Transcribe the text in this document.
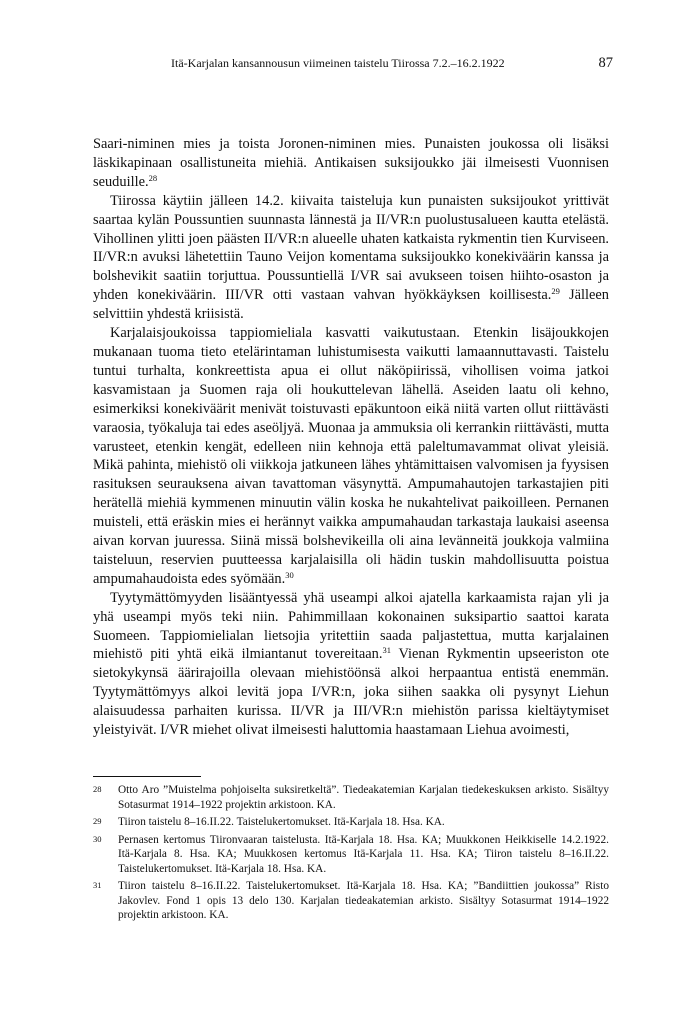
Itä-Karjalan kansannousun viimeinen taistelu Tiirossa 7.2.–16.2.1922	87

Saari-niminen mies ja toista Joronen-niminen mies. Punaisten joukossa oli lisäksi läskikapinaan osallistuneita miehiä. Antikaisen suksijoukko jäi ilmeisesti Vuonnisen seuduille.$^{28}$

Tiirossa käytiin jälleen 14.2. kiivaita taisteluja kun punaisten suksijoukot yrittivät saartaa kylän Poussuntien suunnasta lännestä ja II/VR:n puolustusalueen kautta etelästä. Vihollinen ylitti joen päästen II/VR:n alueelle uhaten katkaista rykmentin tien Kurviseen. II/VR:n avuksi lähetettiin Tauno Veijon komentama suksijoukko konekiväärin kanssa ja bolshevikit saatiin torjuttua. Poussuntiellä I/VR sai avukseen toisen hiihto-osaston ja yhden konekiväärin. III/VR otti vastaan vahvan hyökkäyksen koillisesta.$^{29}$ Jälleen selvittiin yhdestä kriisistä.

Karjalaisjoukoissa tappiomieliala kasvatti vaikutustaan. Etenkin lisäjoukkojen mukanaan tuoma tieto etelärintaman luhistumisesta vaikutti lamaannuttavasti. Taistelu tuntui turhalta, konkreettista apua ei ollut näköpiirissä, vihollisen voima jatkoi kasvamistaan ja Suomen raja oli houkuttelevan lähellä. Aseiden laatu oli kehno, esimerkiksi konekiväärit menivät toistuvasti epäkuntoon eikä niitä varten ollut riittävästi varaosia, työkaluja tai edes aseöljyä. Muonaa ja ammuksia oli kerrankin riittävästi, mutta varusteet, etenkin kengät, edelleen niin kehnoja että paleltumavammat olivat yleisiä. Mikä pahinta, miehistö oli viikkoja jatkuneen lähes yhtämittaisen valvomisen ja fyysisen rasituksen seurauksena aivan tavattoman väsynyttä. Ampumahautojen tarkastajien piti herätellä miehiä kymmenen minuutin välin koska he nukahtelivat paikoilleen. Pernanen muisteli, että eräskin mies ei herännyt vaikka ampumahaudan tarkastaja laukaisi aseensa aivan korvan juuressa. Siinä missä bolshevikeilla oli aina levänneitä joukkoja valmiina taisteluun, reservien puutteessa karjalaisilla oli hädin tuskin mahdollisuutta poistua ampumahaudoista edes syömään.$^{30}$

Tyytymättömyyden lisääntyessä yhä useampi alkoi ajatella karkaamista rajan yli ja yhä useampi myös teki niin. Pahimmillaan kokonainen suksipartio saattoi karata Suomeen. Tappiomielialan lietsojia yritettiin saada paljastettua, mutta karjalainen miehistö piti yhtä eikä ilmiantanut tovereitaan.$^{31}$ Vienan Rykmentin upseeriston ote sietokykynsä äärirajoilla olevaan miehistöönsä alkoi herpaantua entistä enemmän. Tyytymättömyys alkoi levitä jopa I/VR:n, joka siihen saakka oli pysynyt Liehun alaisuudessa parhaiten kurissa. II/VR ja III/VR:n miehistön parissa kieltäytymiset yleistyivät. I/VR miehet olivat ilmeisesti haluttomia haastamaan Liehua avoimesti,

28 Otto Aro ”Muistelma pohjoiselta suksiretkeltä”. Tiedeakatemian Karjalan tiedekeskuksen arkisto. Sisältyy Sotasurmat 1914–1922 projektin arkistoon. KA.
29 Tiiron taistelu 8–16.II.22. Taistelukertomukset. Itä-Karjala 18. Hsa. KA.
30 Pernasen kertomus Tiironvaaran taistelusta. Itä-Karjala 18. Hsa. KA; Muukkonen Heikkiselle 14.2.1922. Itä-Karjala 8. Hsa. KA; Muukkosen kertomus Itä-Karjala 11. Hsa. KA; Tiiron taistelu 8–16.II.22. Taistelukertomukset. Itä-Karjala 18. Hsa. KA.
31 Tiiron taistelu 8–16.II.22. Taistelukertomukset. Itä-Karjala 18. Hsa. KA; ”Bandiittien joukossa” Risto Jakovlev. Fond 1 opis 13 delo 130. Karjalan tiedeakatemian arkisto. Sisältyy Sotasurmat 1914–1922 projektin arkistoon. KA.
